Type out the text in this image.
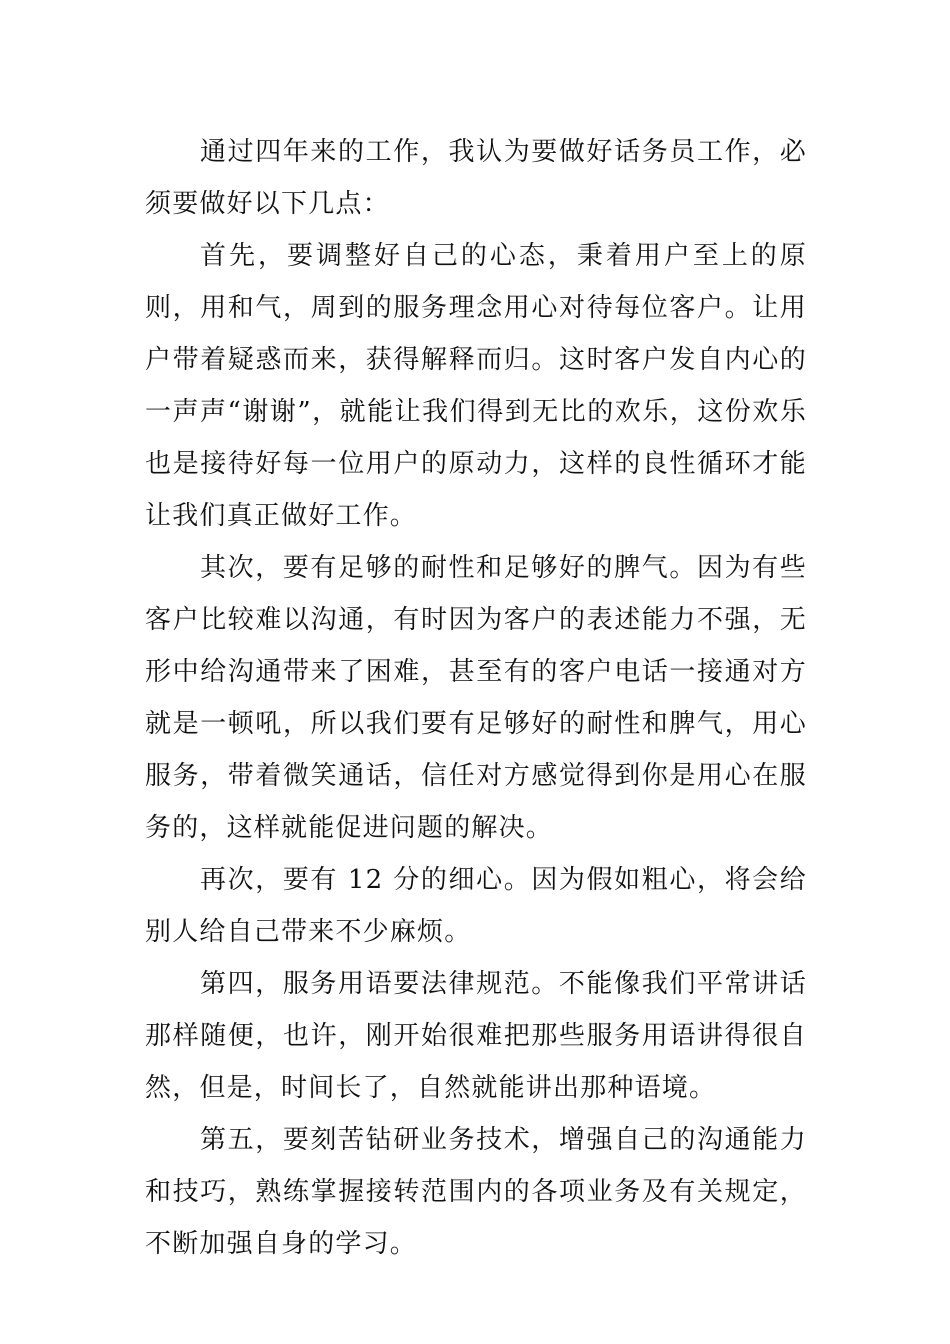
通过四年来的工作，我认为要做好话务员工作，必须要做好以下几点：

首先，要调整好自己的心态，秉着用户至上的原则，用和气，周到的服务理念用心对待每位客户。让用户带着疑惑而来，获得解释而归。这时客户发自内心的一声声“谢谢”，就能让我们得到无比的欢乐，这份欢乐也是接待好每一位用户的原动力，这样的良性循环才能让我们真正做好工作。

其次，要有足够的耐性和足够好的脾气。因为有些客户比较难以沟通，有时因为客户的表述能力不强，无形中给沟通带来了困难，甚至有的客户电话一接通对方就是一顿吼，所以我们要有足够好的耐性和脾气，用心服务，带着微笑通话，信任对方感觉得到你是用心在服务的，这样就能促进问题的解决。

再次，要有 12 分的细心。因为假如粗心，将会给别人给自己带来不少麻烦。

第四，服务用语要法律规范。不能像我们平常讲话那样随便，也许，刚开始很难把那些服务用语讲得很自然，但是，时间长了，自然就能讲出那种语境。

第五，要刻苦钻研业务技术，增强自己的沟通能力和技巧，熟练掌握接转范围内的各项业务及有关规定，不断加强自身的学习。
